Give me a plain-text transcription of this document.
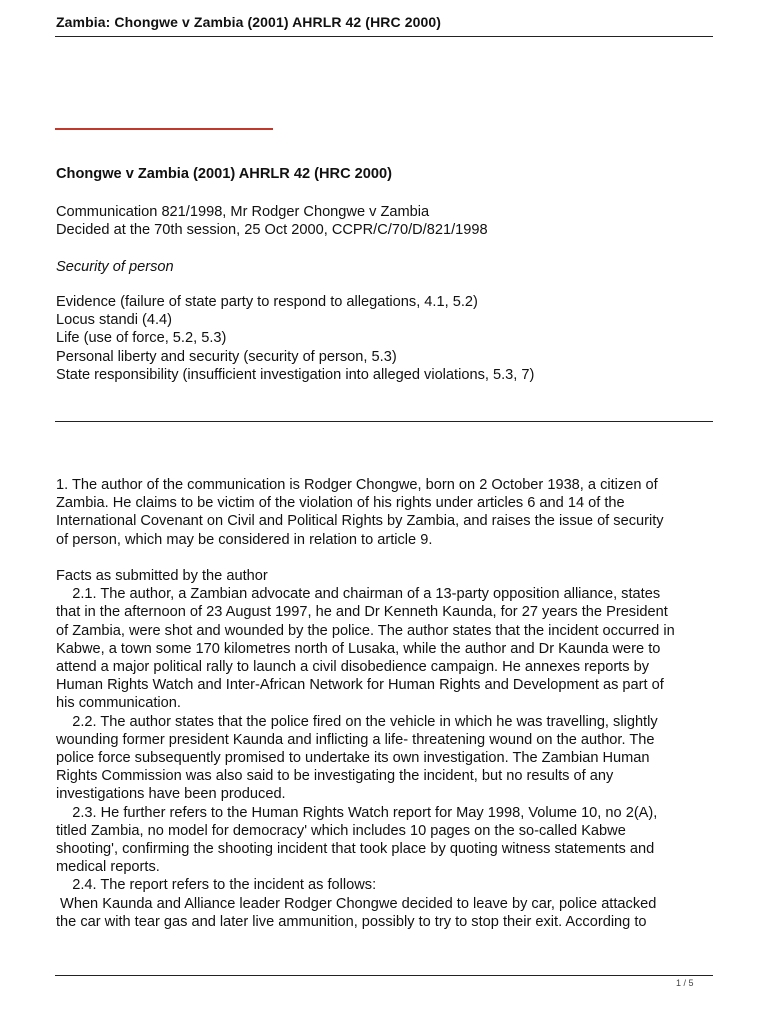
Zambia: Chongwe v Zambia (2001) AHRLR 42 (HRC 2000)
Chongwe v Zambia (2001) AHRLR 42 (HRC 2000)
Communication 821/1998, Mr Rodger Chongwe v Zambia
Decided at the 70th session, 25 Oct 2000, CCPR/C/70/D/821/1998
Security of person
Evidence (failure of state party to respond to allegations, 4.1, 5.2)
Locus standi (4.4)
Life (use of force, 5.2, 5.3)
Personal liberty and security (security of person, 5.3)
State responsibility (insufficient investigation into alleged violations, 5.3, 7)
1. The author of the communication is Rodger Chongwe, born on 2 October 1938, a citizen of
Zambia. He claims to be victim of the violation of his rights under articles 6 and 14 of the
International Covenant on Civil and Political Rights by Zambia, and raises the issue of security
of person, which may be considered in relation to article 9.
Facts as submitted by the author
2.1. The author, a Zambian advocate and chairman of a 13-party opposition alliance, states
that in the afternoon of 23 August 1997, he and Dr Kenneth Kaunda, for 27 years the President
of Zambia, were shot and wounded by the police. The author states that the incident occurred in
Kabwe, a town some 170 kilometres north of Lusaka, while the author and Dr Kaunda were to
attend a major political rally to launch a civil disobedience campaign. He annexes reports by
Human Rights Watch and Inter-African Network for Human Rights and Development as part of
his communication.
2.2. The author states that the police fired on the vehicle in which he was travelling, slightly
wounding former president Kaunda and inflicting a life- threatening wound on the author. The
police force subsequently promised to undertake its own investigation. The Zambian Human
Rights Commission was also said to be investigating the incident, but no results of any
investigations have been produced.
2.3. He further refers to the Human Rights Watch report for May 1998, Volume 10, no 2(A),
titled Zambia, no model for democracy' which includes 10 pages on the so-called Kabwe
shooting', confirming the shooting incident that took place by quoting witness statements and
medical reports.
2.4. The report refers to the incident as follows:
When Kaunda and Alliance leader Rodger Chongwe decided to leave by car, police attacked
the car with tear gas and later live ammunition, possibly to try to stop their exit. According to
1 / 5
